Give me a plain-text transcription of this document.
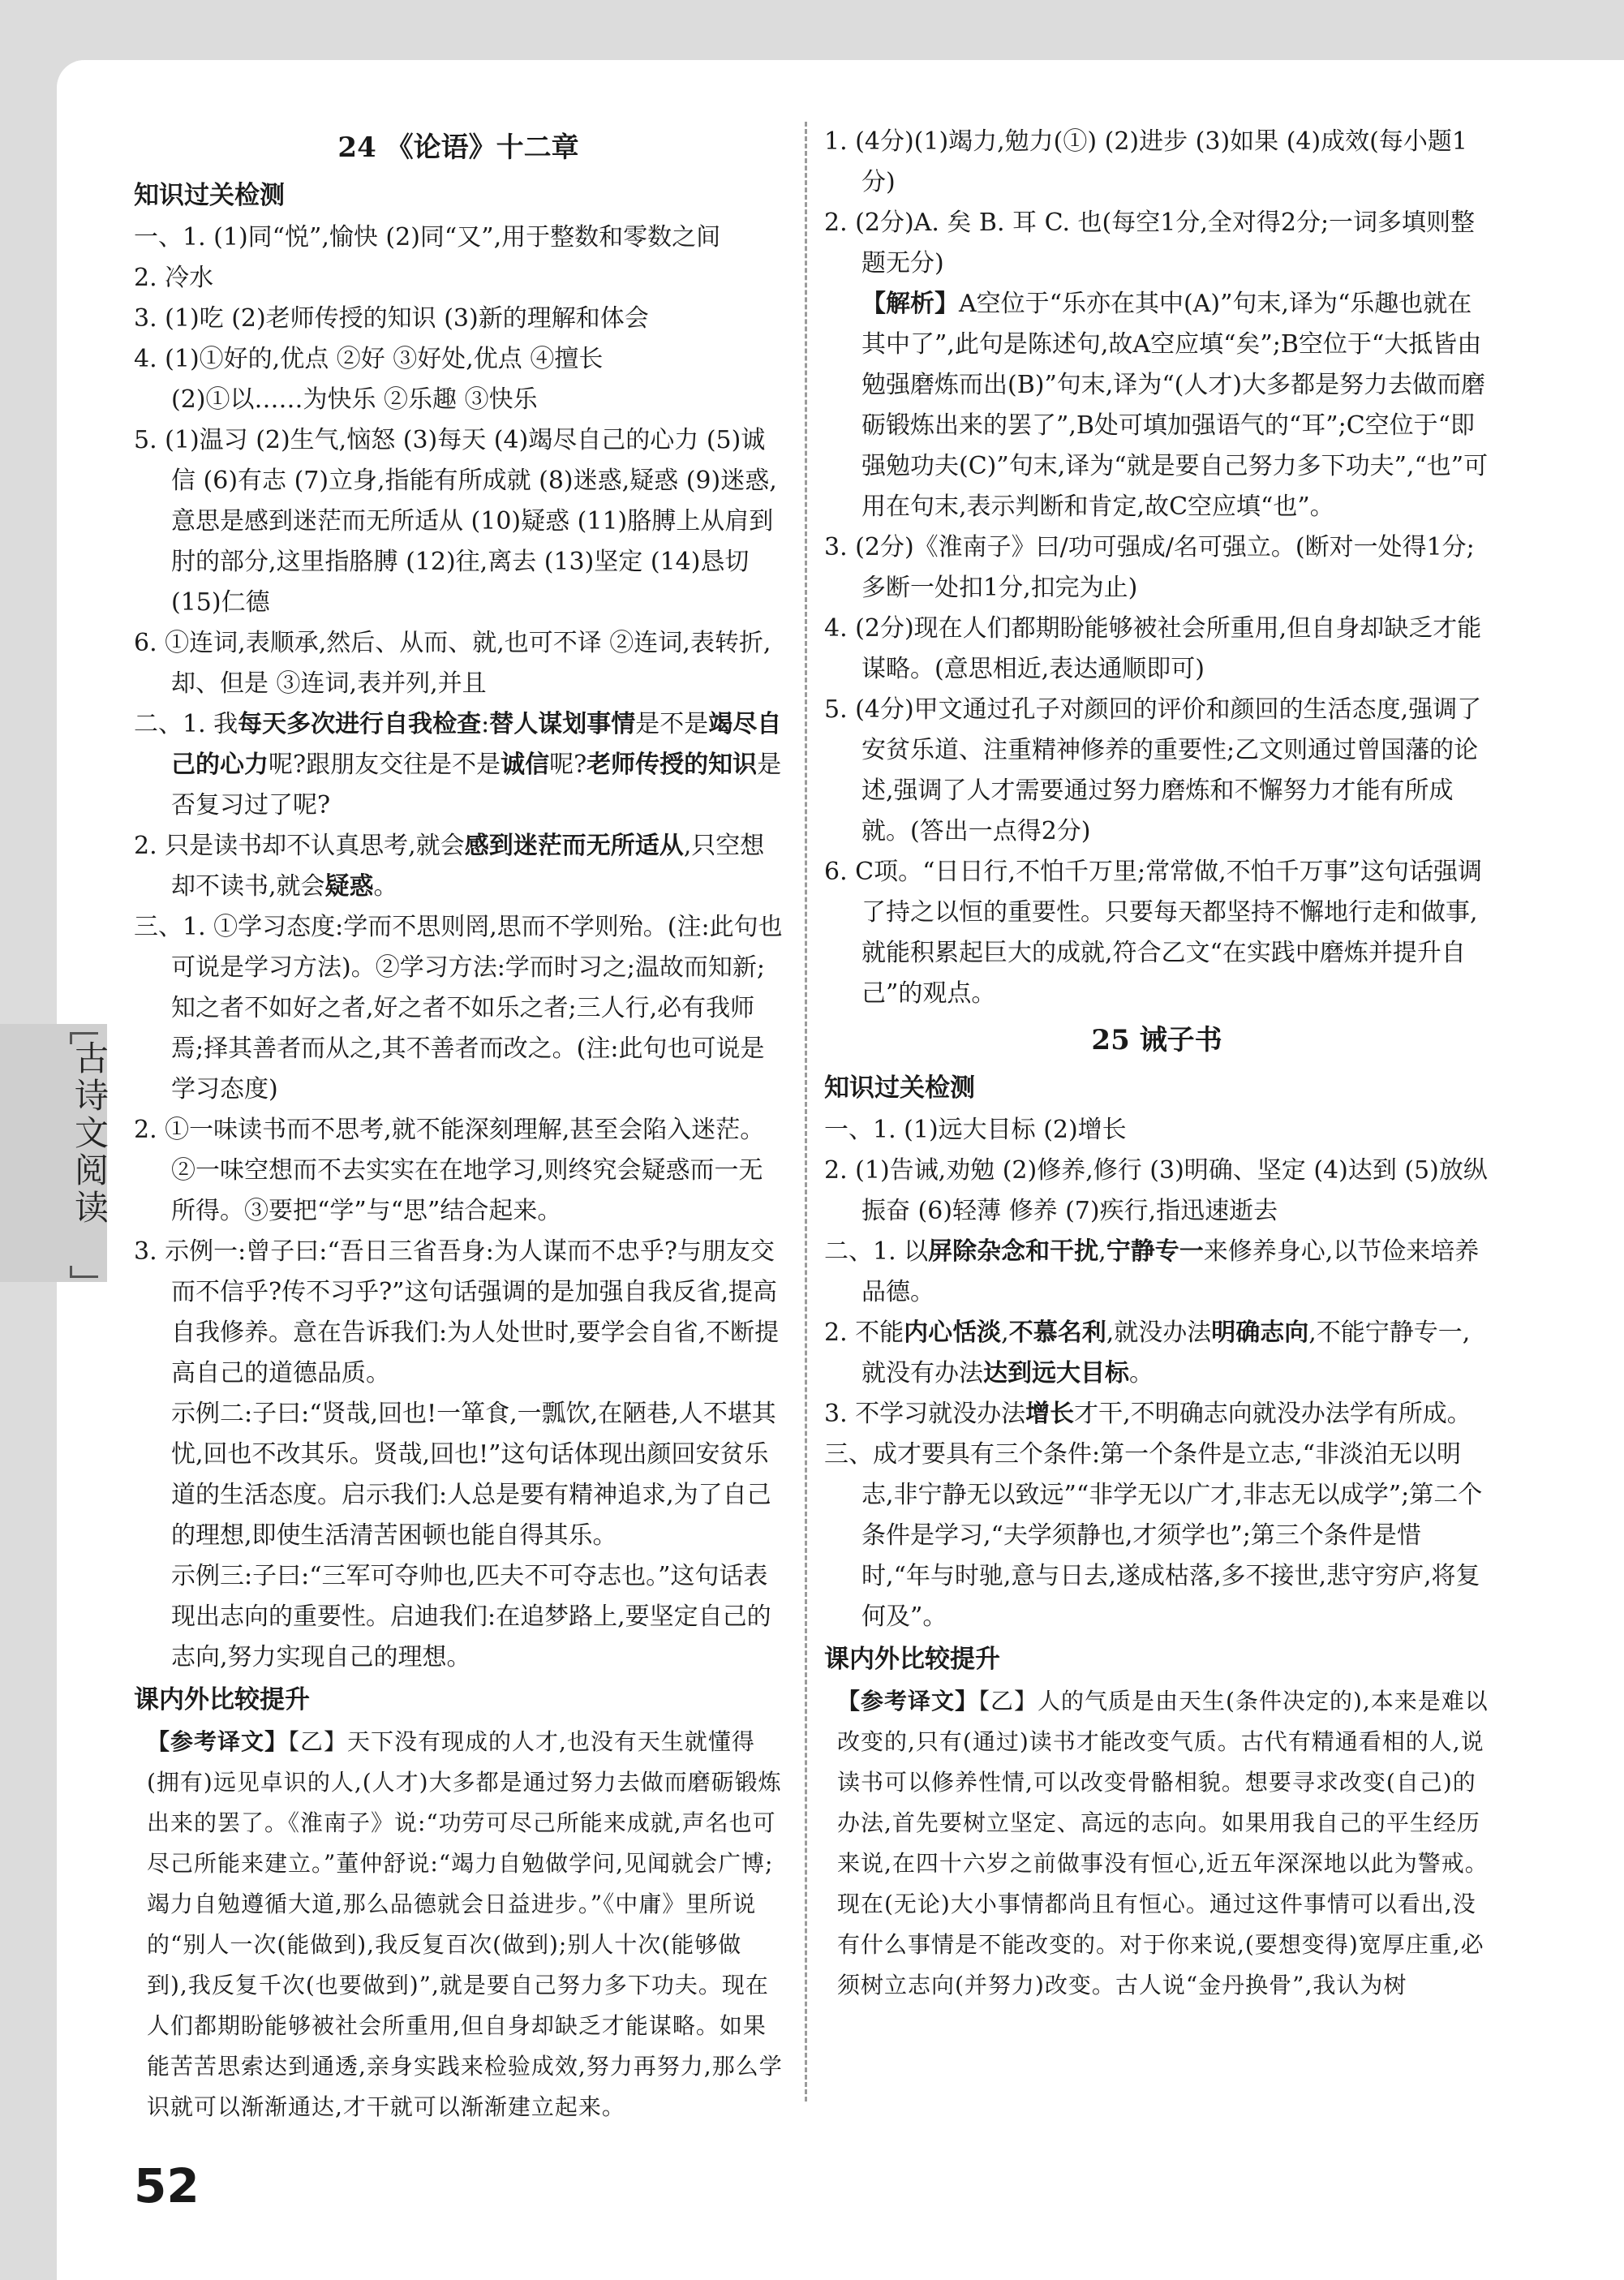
古诗文阅读
24 《论语》十二章
知识过关检测

一、1. (1)同“悦”,愉快 (2)同“又”,用于整数和零数之间

2. 冷水

3. (1)吃 (2)老师传授的知识 (3)新的理解和体会

4. (1)①好的,优点 ②好 ③好处,优点 ④擅长

(2)①以……为快乐 ②乐趣 ③快乐

5. (1)温习 (2)生气,恼怒 (3)每天 (4)竭尽自己的心力 (5)诚信 (6)有志 (7)立身,指能有所成就 (8)迷惑,疑惑 (9)迷惑,意思是感到迷茫而无所适从 (10)疑惑 (11)胳膊上从肩到肘的部分,这里指胳膊 (12)往,离去 (13)坚定 (14)恳切 (15)仁德

6. ①连词,表顺承,然后、从而、就,也可不译 ②连词,表转折,却、但是 ③连词,表并列,并且

二、1. 我每天多次进行自我检查:替人谋划事情是不是竭尽自己的心力呢?跟朋友交往是不是诚信呢?老师传授的知识是否复习过了呢?

2. 只是读书却不认真思考,就会感到迷茫而无所适从,只空想却不读书,就会疑惑。

三、1. ①学习态度:学而不思则罔,思而不学则殆。(注:此句也可说是学习方法)。②学习方法:学而时习之;温故而知新;知之者不如好之者,好之者不如乐之者;三人行,必有我师焉;择其善者而从之,其不善者而改之。(注:此句也可说是学习态度)

2. ①一味读书而不思考,就不能深刻理解,甚至会陷入迷茫。②一味空想而不去实实在在地学习,则终究会疑惑而一无所得。③要把“学”与“思”结合起来。

3. 示例一:曾子曰:“吾日三省吾身:为人谋而不忠乎?与朋友交而不信乎?传不习乎?”这句话强调的是加强自我反省,提高自我修养。意在告诉我们:为人处世时,要学会自省,不断提高自己的道德品质。

示例二:子曰:“贤哉,回也!一箪食,一瓢饮,在陋巷,人不堪其忧,回也不改其乐。贤哉,回也!”这句话体现出颜回安贫乐道的生活态度。启示我们:人总是要有精神追求,为了自己的理想,即使生活清苦困顿也能自得其乐。

示例三:子曰:“三军可夺帅也,匹夫不可夺志也。”这句话表现出志向的重要性。启迪我们:在追梦路上,要坚定自己的志向,努力实现自己的理想。

课内外比较提升

【参考译文】【乙】天下没有现成的人才,也没有天生就懂得(拥有)远见卓识的人,(人才)大多都是通过努力去做而磨砺锻炼出来的罢了。《淮南子》说:“功劳可尽己所能来成就,声名也可尽己所能来建立。”董仲舒说:“竭力自勉做学问,见闻就会广博;竭力自勉遵循大道,那么品德就会日益进步。”《中庸》里所说的“别人一次(能做到),我反复百次(做到);别人十次(能够做到),我反复千次(也要做到)”,就是要自己努力多下功夫。现在人们都期盼能够被社会所重用,但自身却缺乏才能谋略。如果能苦苦思索达到通透,亲身实践来检验成效,努力再努力,那么学识就可以渐渐通达,才干就可以渐渐建立起来。

1. (4分)(1)竭力,勉力(①) (2)进步 (3)如果 (4)成效(每小题1分)

2. (2分)A. 矣 B. 耳 C. 也(每空1分,全对得2分;一词多填则整题无分)

【解析】A空位于“乐亦在其中(A)”句末,译为“乐趣也就在其中了”,此句是陈述句,故A空应填“矣”;B空位于“大抵皆由勉强磨炼而出(B)”句末,译为“(人才)大多都是努力去做而磨砺锻炼出来的罢了”,B处可填加强语气的“耳”;C空位于“即强勉功夫(C)”句末,译为“就是要自己努力多下功夫”,“也”可用在句末,表示判断和肯定,故C空应填“也”。

3. (2分)《淮南子》曰/功可强成/名可强立。(断对一处得1分;多断一处扣1分,扣完为止)

4. (2分)现在人们都期盼能够被社会所重用,但自身却缺乏才能谋略。(意思相近,表达通顺即可)

5. (4分)甲文通过孔子对颜回的评价和颜回的生活态度,强调了安贫乐道、注重精神修养的重要性;乙文则通过曾国藩的论述,强调了人才需要通过努力磨炼和不懈努力才能有所成就。(答出一点得2分)

6. C项。“日日行,不怕千万里;常常做,不怕千万事”这句话强调了持之以恒的重要性。只要每天都坚持不懈地行走和做事,就能积累起巨大的成就,符合乙文“在实践中磨炼并提升自己”的观点。

25 诫子书
知识过关检测

一、1. (1)远大目标 (2)增长

2. (1)告诫,劝勉 (2)修养,修行 (3)明确、坚定 (4)达到 (5)放纵 振奋 (6)轻薄 修养 (7)疾行,指迅速逝去

二、1. 以屏除杂念和干扰,宁静专一来修养身心,以节俭来培养品德。

2. 不能内心恬淡,不慕名利,就没办法明确志向,不能宁静专一,就没有办法达到远大目标。

3. 不学习就没办法增长才干,不明确志向就没办法学有所成。

三、成才要具有三个条件:第一个条件是立志,“非淡泊无以明志,非宁静无以致远”“非学无以广才,非志无以成学”;第二个条件是学习,“夫学须静也,才须学也”;第三个条件是惜时,“年与时驰,意与日去,遂成枯落,多不接世,悲守穷庐,将复何及”。

课内外比较提升

【参考译文】【乙】人的气质是由天生(条件决定的),本来是难以改变的,只有(通过)读书才能改变气质。古代有精通看相的人,说读书可以修养性情,可以改变骨骼相貌。想要寻求改变(自己)的办法,首先要树立坚定、高远的志向。如果用我自己的平生经历来说,在四十六岁之前做事没有恒心,近五年深深地以此为警戒。现在(无论)大小事情都尚且有恒心。通过这件事情可以看出,没有什么事情是不能改变的。对于你来说,(要想变得)宽厚庄重,必须树立志向(并努力)改变。古人说“金丹换骨”,我认为树

52
